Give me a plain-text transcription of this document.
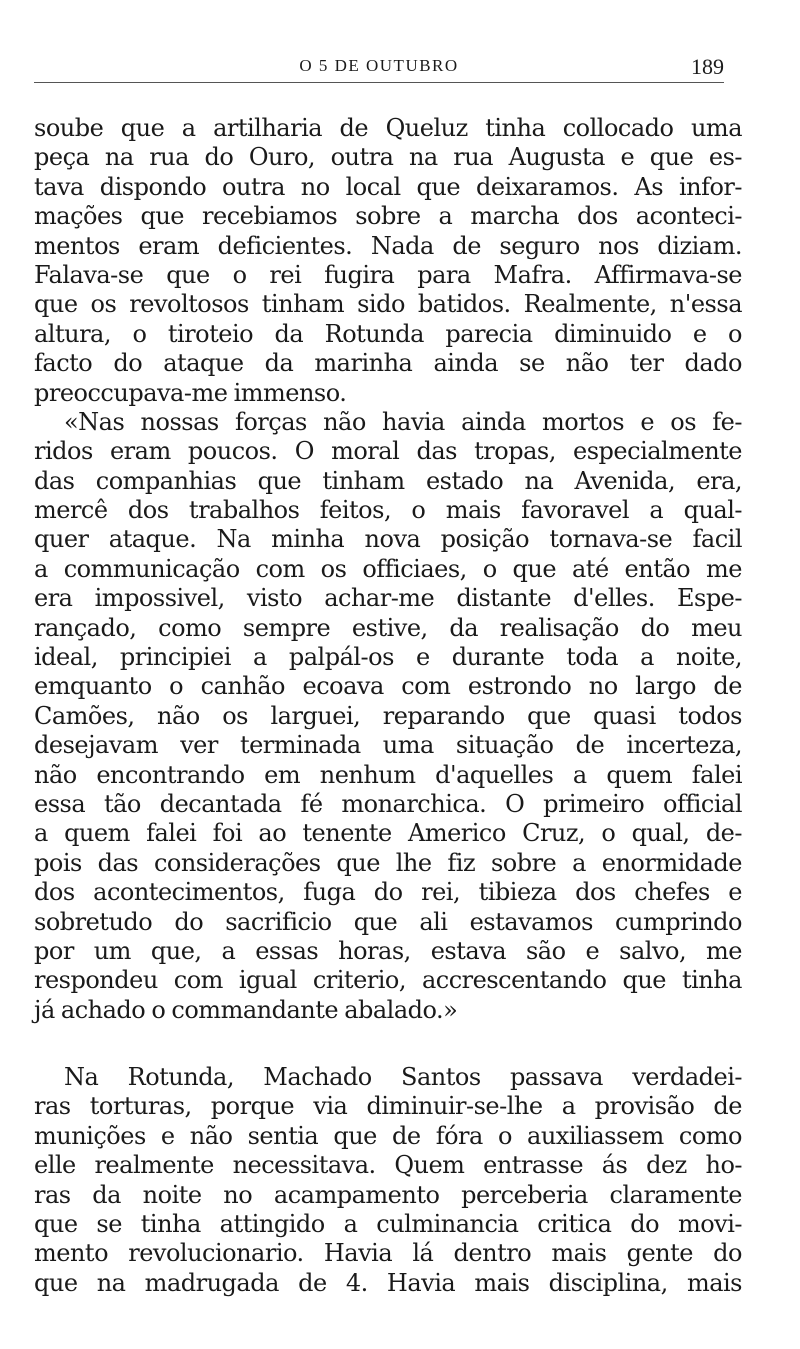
O 5 DE OUTUBRO	189
soube que a artilharia de Queluz tinha collocado uma
peça na rua do Ouro, outra na rua Augusta e que es-
tava dispondo outra no local que deixaramos. As infor-
mações que recebiamos sobre a marcha dos aconteci-
mentos eram deficientes. Nada de seguro nos diziam.
Falava-se que o rei fugira para Mafra. Affirmava-se
que os revoltosos tinham sido batidos. Realmente, n'essa
altura, o tiroteio da Rotunda parecia diminuido e o
facto do ataque da marinha ainda se não ter dado
preoccupava-me immenso.
«Nas nossas forças não havia ainda mortos e os fe-
ridos eram poucos. O moral das tropas, especialmente
das companhias que tinham estado na Avenida, era,
mercê dos trabalhos feitos, o mais favoravel a qual-
quer ataque. Na minha nova posição tornava-se facil
a communicação com os officiaes, o que até então me
era impossivel, visto achar-me distante d'elles. Espe-
rançado, como sempre estive, da realisação do meu
ideal, principiei a palpál-os e durante toda a noite,
emquanto o canhão ecoava com estrondo no largo de
Camões, não os larguei, reparando que quasi todos
desejavam ver terminada uma situação de incerteza,
não encontrando em nenhum d'aquelles a quem falei
essa tão decantada fé monarchica. O primeiro official
a quem falei foi ao tenente Americo Cruz, o qual, de-
pois das considerações que lhe fiz sobre a enormidade
dos acontecimentos, fuga do rei, tibieza dos chefes e
sobretudo do sacrificio que ali estavamos cumprindo
por um que, a essas horas, estava são e salvo, me
respondeu com igual criterio, accrescentando que tinha
já achado o commandante abalado.»
Na Rotunda, Machado Santos passava verdadei-
ras torturas, porque via diminuir-se-lhe a provisão de
munições e não sentia que de fóra o auxiliassem como
elle realmente necessitava. Quem entrasse ás dez ho-
ras da noite no acampamento perceberia claramente
que se tinha attingido a culminancia critica do movi-
mento revolucionario. Havia lá dentro mais gente do
que na madrugada de 4. Havia mais disciplina, mais
